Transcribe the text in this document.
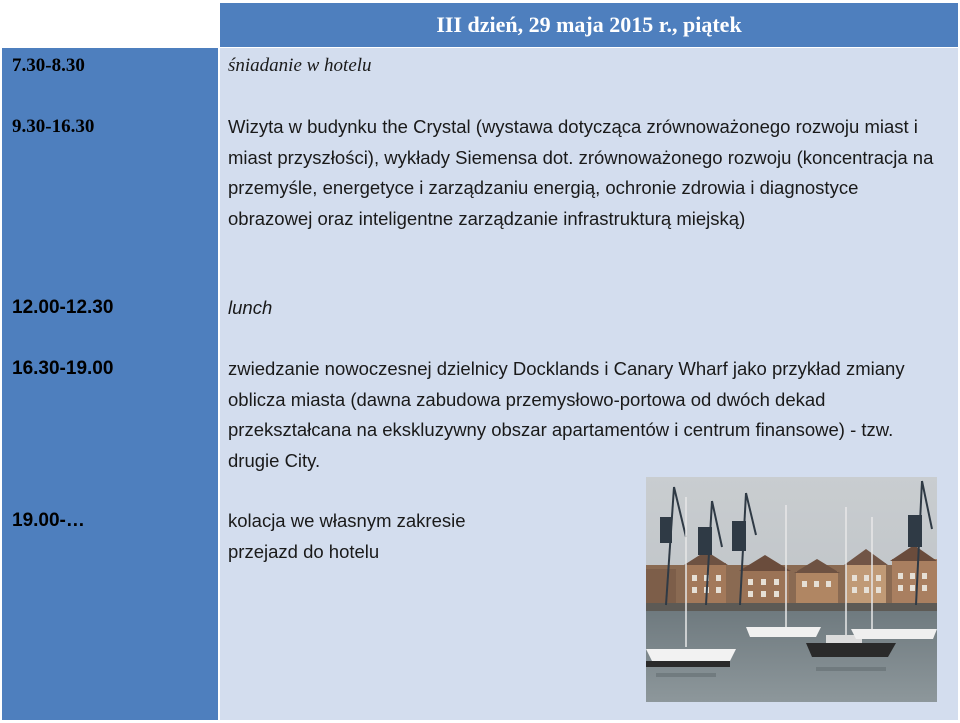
III dzień, 29 maja 2015 r., piątek
7.30-8.30
9.30-16.30
12.00-12.30
16.30-19.00
19.00-…
śniadanie w hotelu
Wizyta w budynku the Crystal (wystawa dotycząca zrównoważonego rozwoju miast i miast przyszłości), wykłady Siemensa dot. zrównoważonego rozwoju (koncentracja na przemyśle, energetyce i zarządzaniu energią, ochronie zdrowia i diagnostyce obrazowej oraz inteligentne zarządzanie infrastrukturą miejską)
lunch
zwiedzanie nowoczesnej dzielnicy Docklands i Canary Wharf jako przykład zmiany oblicza miasta (dawna zabudowa przemysłowo-portowa od dwóch dekad przekształcana na ekskluzywny obszar apartamentów i centrum finansowe) - tzw. drugie City.
kolacja we własnym zakresie
przejazd do hotelu
